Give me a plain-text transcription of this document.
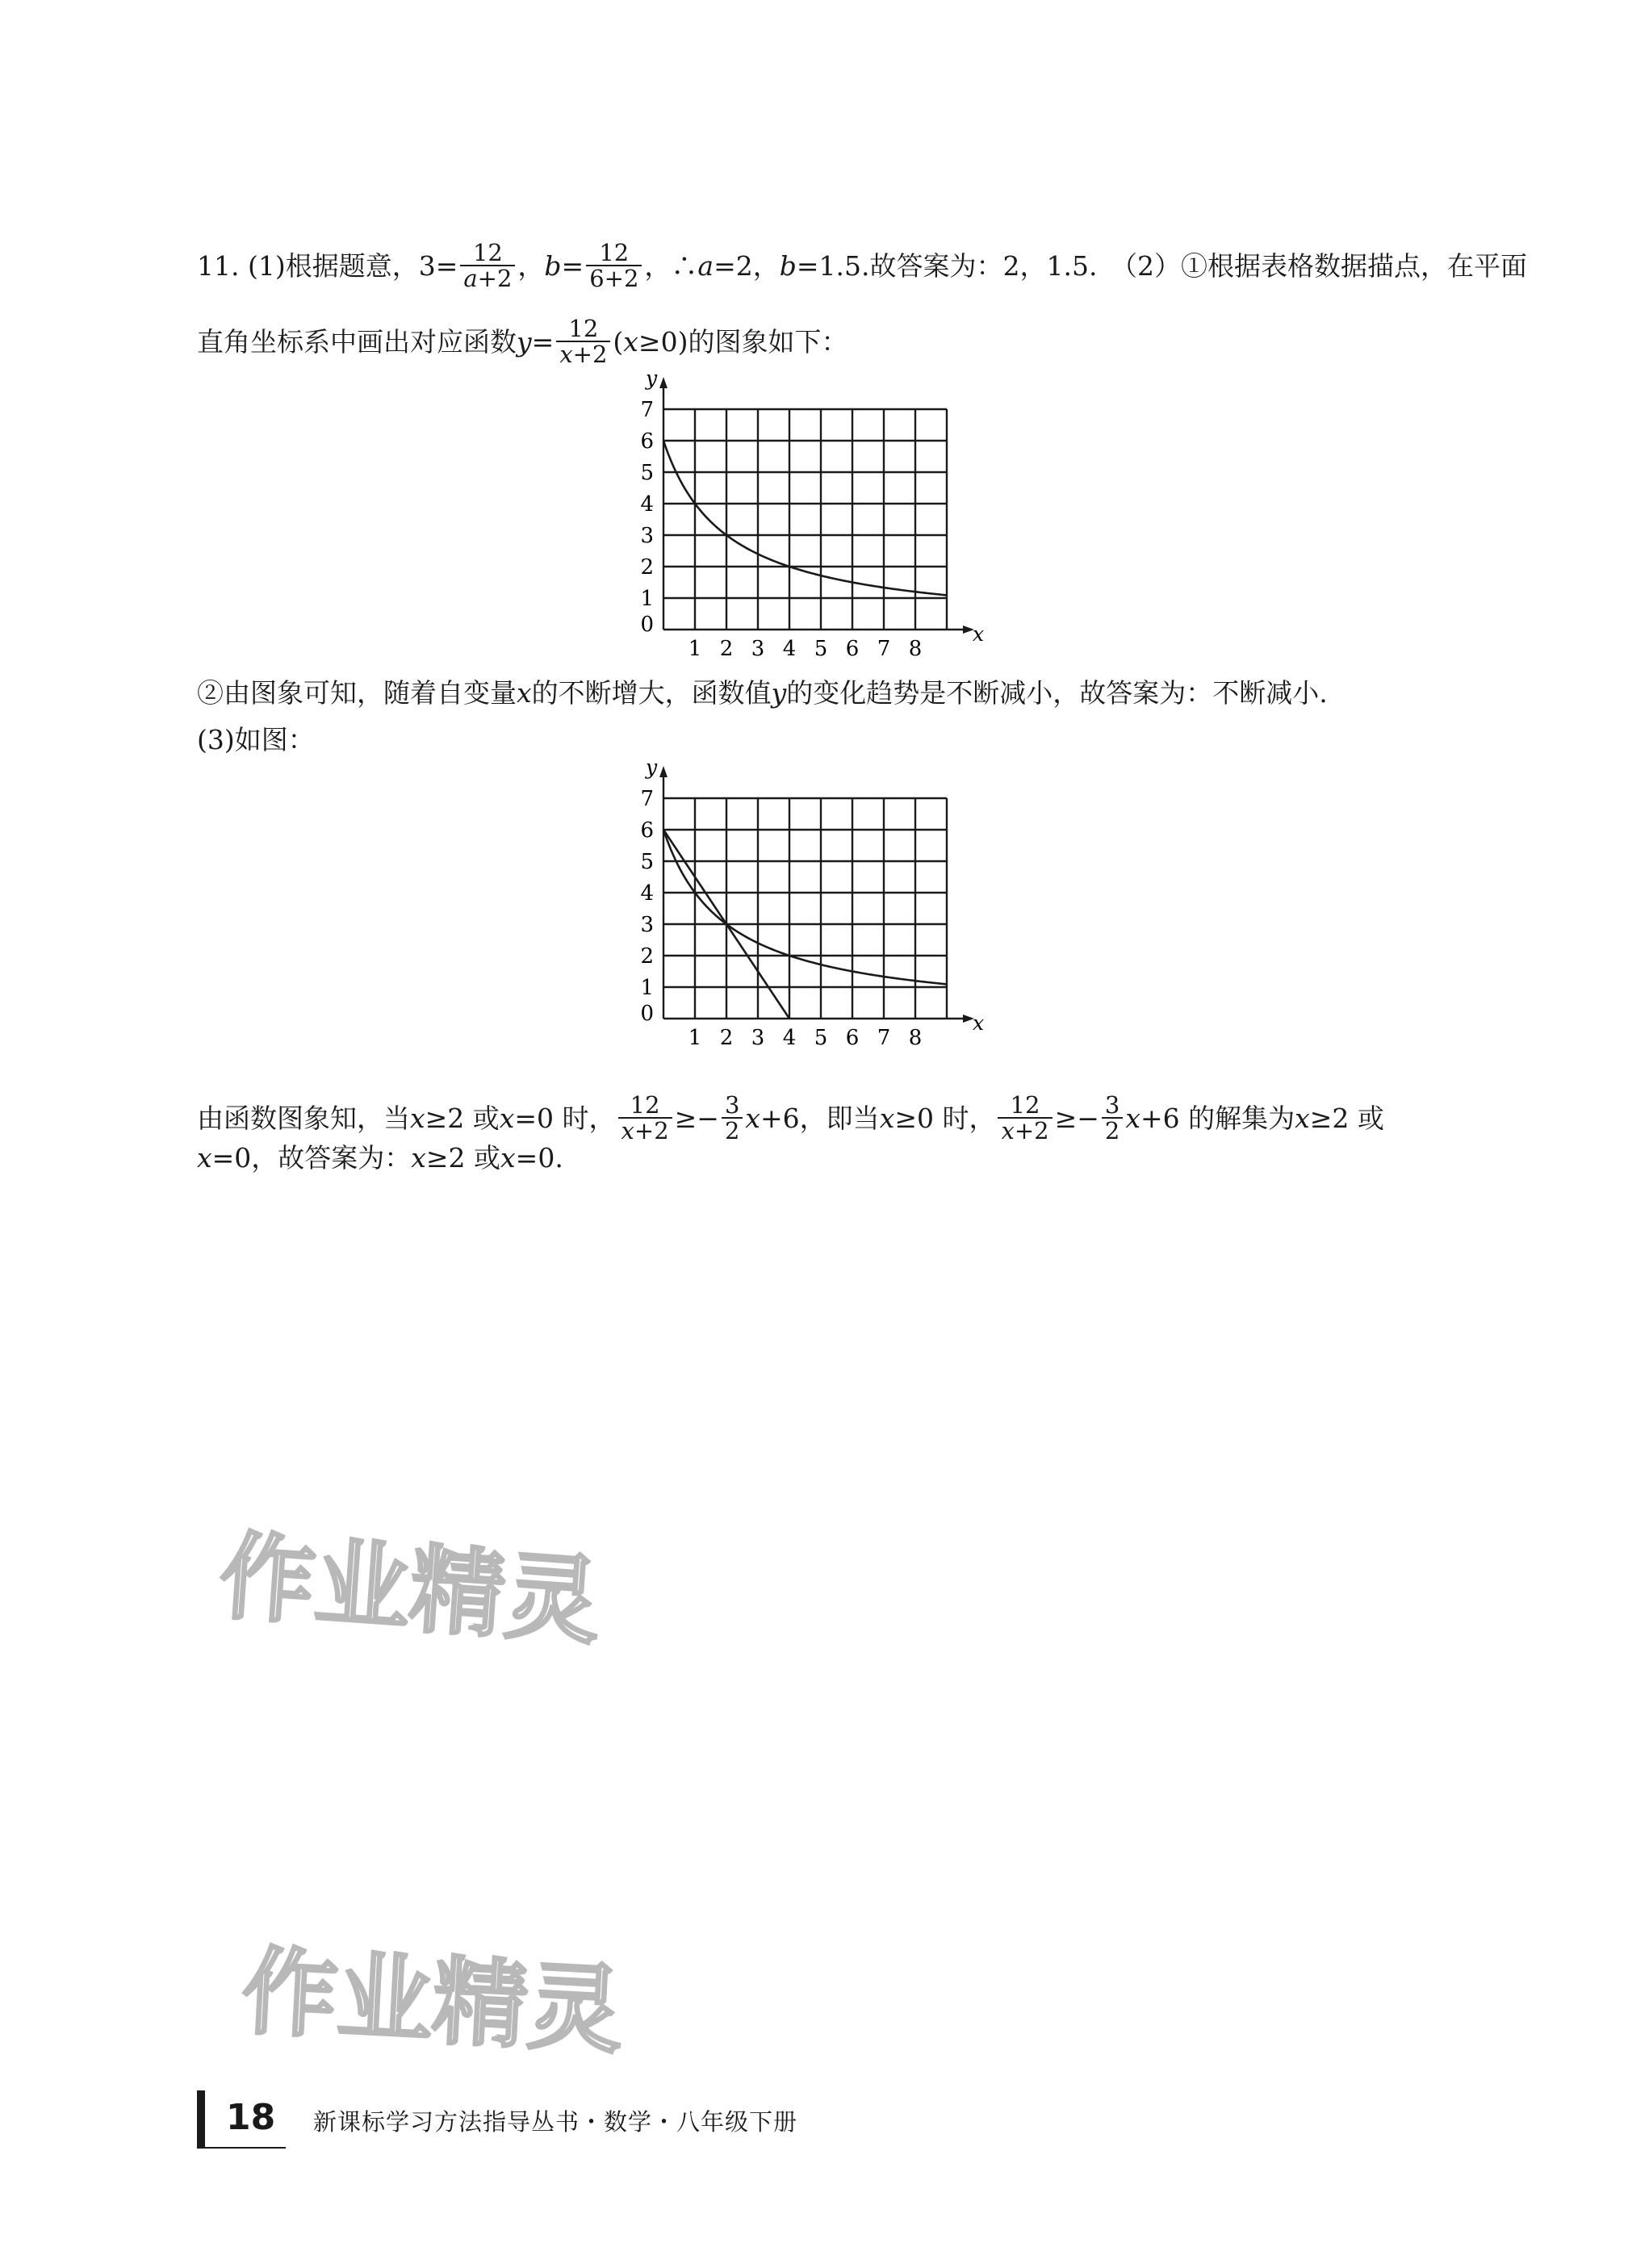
11. (1)根据题意，$3= \frac{12}{a+2}$ ， $b = \frac{12}{6+2}$ ，∴ a =2， b =1.5.故答案为：2，1.5.　（2）①根据表格数据描点，在平面
直角坐标系中画出对应函数 $y = \frac{12}{x+2}$ ( x ≥0)的图象如下：
x
y
1 2 3 4 5 6 7 8
0
1
2
3
4
5
6
7
②由图象可知，随着自变量 x 的不断增大，函数值 y 的变化趋势是不断减小，故答案为：不断减小.
(3)如图：
x
y
1 2 3 4 5 6 7 8
0
1
2
3
4
5
6
7
由函数图象知，当 x ≥2 或 x =0 时， $\frac{12}{x+2} \ge- \frac{3}{2}$ x +6，即当 x ≥0 时， $\frac{12}{x+2} \ge- \frac{3}{2}$ x +6 的解集为 x ≥2 或
x =0，故答案为： x ≥2 或 x =0.
作业精灵
作业精灵
18 新课标学习方法指导丛书・数学・八年级下册
